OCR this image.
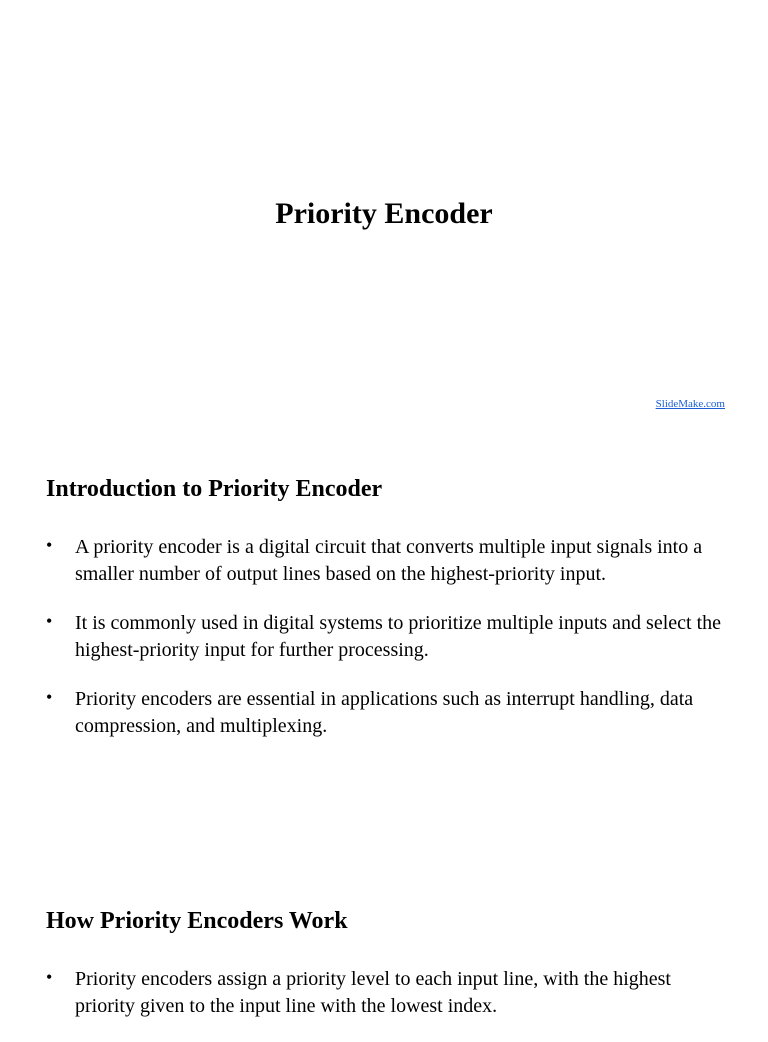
Priority Encoder
SlideMake.com
Introduction to Priority Encoder
• A priority encoder is a digital circuit that converts multiple input signals into a smaller number of output lines based on the highest-priority input.
• It is commonly used in digital systems to prioritize multiple inputs and select the highest-priority input for further processing.
• Priority encoders are essential in applications such as interrupt handling, data compression, and multiplexing.
How Priority Encoders Work
• Priority encoders assign a priority level to each input line, with the highest priority given to the input line with the lowest index.
